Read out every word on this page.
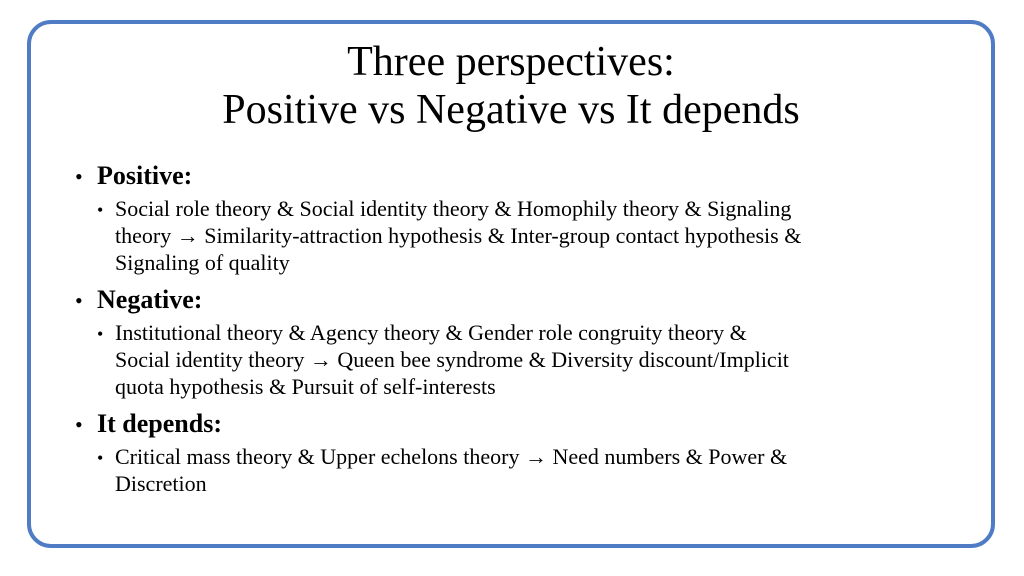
Three perspectives:
Positive vs Negative vs It depends
• Positive:
• Social role theory & Social identity theory & Homophily theory & Signaling
theory → Similarity-attraction hypothesis & Inter-group contact hypothesis &
Signaling of quality
• Negative:
• Institutional theory & Agency theory & Gender role congruity theory &
Social identity theory → Queen bee syndrome & Diversity discount/Implicit
quota hypothesis & Pursuit of self-interests
• It depends:
• Critical mass theory & Upper echelons theory → Need numbers & Power &
Discretion
